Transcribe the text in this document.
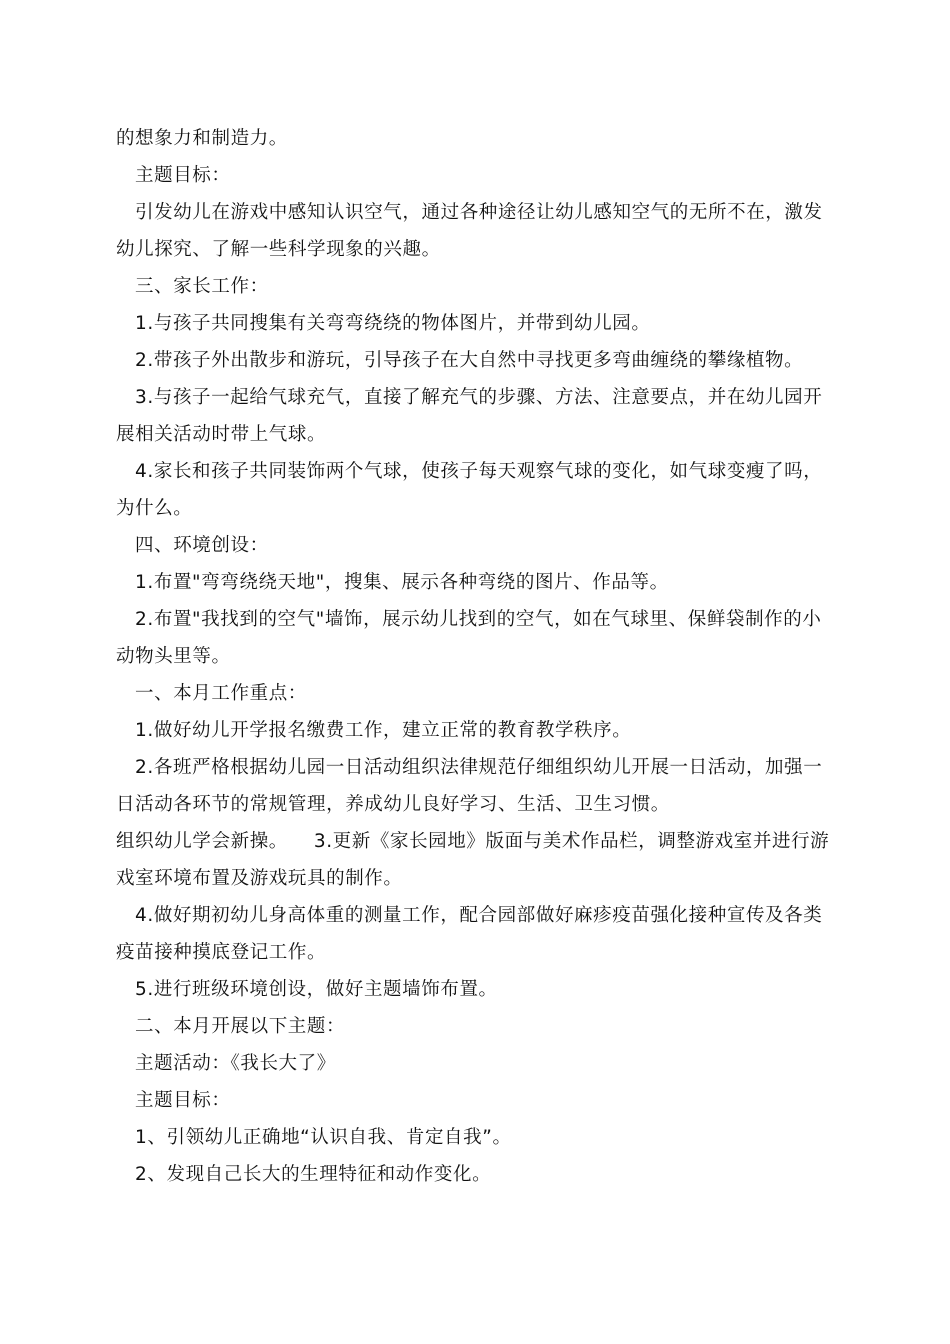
的想象力和制造力。

主题目标：

引发幼儿在游戏中感知认识空气，通过各种途径让幼儿感知空气的无所不在，激发幼儿探究、了解一些科学现象的兴趣。

三、家长工作：

1.与孩子共同搜集有关弯弯绕绕的物体图片，并带到幼儿园。

2.带孩子外出散步和游玩，引导孩子在大自然中寻找更多弯曲缠绕的攀缘植物。

3.与孩子一起给气球充气，直接了解充气的步骤、方法、注意要点，并在幼儿园开展相关活动时带上气球。

4.家长和孩子共同装饰两个气球，使孩子每天观察气球的变化，如气球变瘦了吗，为什么。

四、环境创设：

1.布置"弯弯绕绕天地"，搜集、展示各种弯绕的图片、作品等。

2.布置"我找到的空气"墙饰，展示幼儿找到的空气，如在气球里、保鲜袋制作的小动物头里等。

一、本月工作重点：

1.做好幼儿开学报名缴费工作，建立正常的教育教学秩序。

2.各班严格根据幼儿园一日活动组织法律规范仔细组织幼儿开展一日活动，加强一日活动各环节的常规管理，养成幼儿良好学习、生活、卫生习惯。

组织幼儿学会新操。    3.更新《家长园地》版面与美术作品栏，调整游戏室并进行游戏室环境布置及游戏玩具的制作。

4.做好期初幼儿身高体重的测量工作，配合园部做好麻疹疫苗强化接种宣传及各类疫苗接种摸底登记工作。

5.进行班级环境创设，做好主题墙饰布置。

二、本月开展以下主题：

主题活动：《我长大了》

主题目标：

1、引领幼儿正确地“认识自我、肯定自我”。

2、发现自己长大的生理特征和动作变化。
